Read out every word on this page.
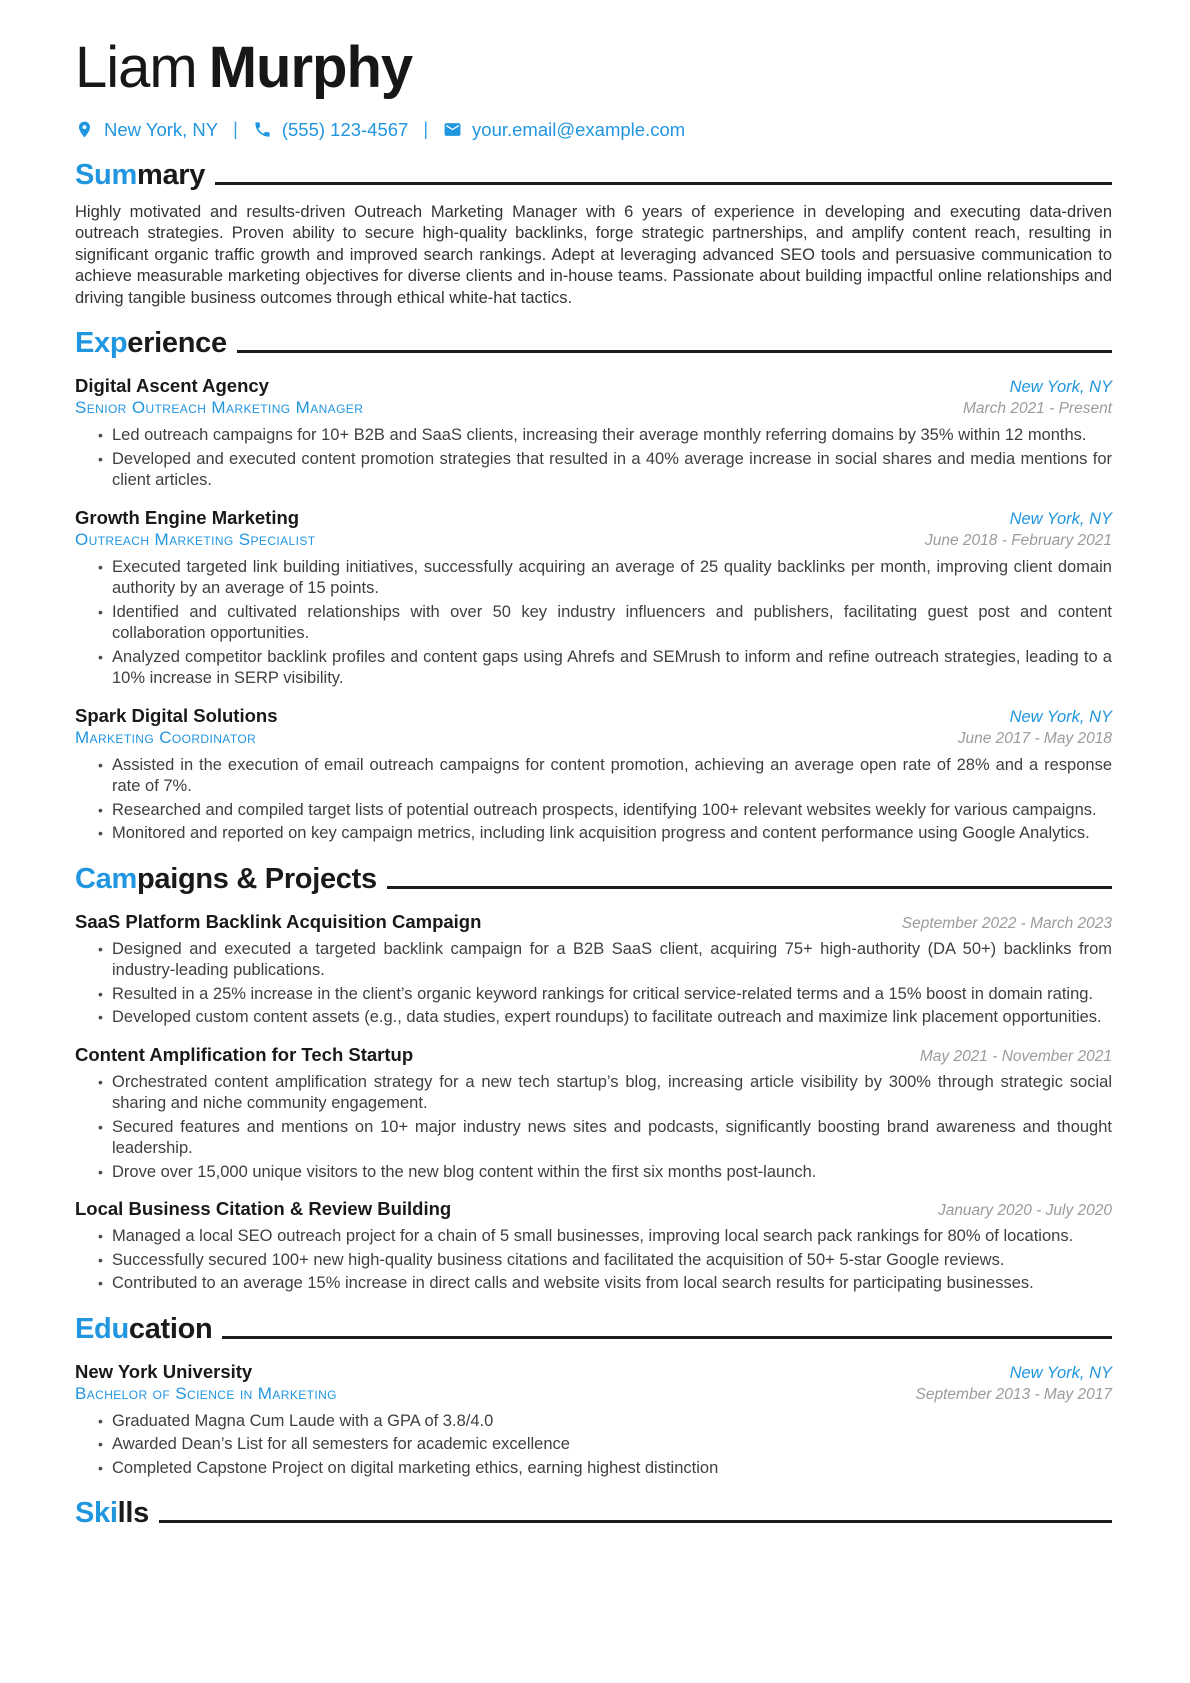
Liam Murphy
New York, NY | (555) 123-4567 | your.email@example.com
Sum mary

Highly motivated and results-driven Outreach Marketing Manager with 6 years of experience in developing and executing data-driven outreach strategies. Proven ability to secure high-quality backlinks, forge strategic partnerships, and amplify content reach, resulting in significant organic traffic growth and improved search rankings. Adept at leveraging advanced SEO tools and persuasive communication to achieve measurable marketing objectives for diverse clients and in-house teams. Passionate about building impactful online relationships and driving tangible business outcomes through ethical white-hat tactics.

Exp erience
Digital Ascent Agency	New York, NY
Senior Outreach Marketing Manager	March 2021 - Present
• Led outreach campaigns for 10+ B2B and SaaS clients, increasing their average monthly referring domains by 35% within 12 months.
• Developed and executed content promotion strategies that resulted in a 40% average increase in social shares and media mentions for client articles.
Growth Engine Marketing	New York, NY
Outreach Marketing Specialist	June 2018 - February 2021
• Executed targeted link building initiatives, successfully acquiring an average of 25 quality backlinks per month, improving client domain authority by an average of 15 points.
• Identified and cultivated relationships with over 50 key industry influencers and publishers, facilitating guest post and content collaboration opportunities.
• Analyzed competitor backlink profiles and content gaps using Ahrefs and SEMrush to inform and refine outreach strategies, leading to a 10% increase in SERP visibility.
Spark Digital Solutions	New York, NY
Marketing Coordinator	June 2017 - May 2018
• Assisted in the execution of email outreach campaigns for content promotion, achieving an average open rate of 28% and a response rate of 7%.
• Researched and compiled target lists of potential outreach prospects, identifying 100+ relevant websites weekly for various campaigns.
• Monitored and reported on key campaign metrics, including link acquisition progress and content performance using Google Analytics.
Cam paigns & Projects
SaaS Platform Backlink Acquisition Campaign	September 2022 - March 2023
• Designed and executed a targeted backlink campaign for a B2B SaaS client, acquiring 75+ high-authority (DA 50+) backlinks from industry-leading publications.
• Resulted in a 25% increase in the client’s organic keyword rankings for critical service-related terms and a 15% boost in domain rating.
• Developed custom content assets (e.g., data studies, expert roundups) to facilitate outreach and maximize link placement opportunities.
Content Amplification for Tech Startup	May 2021 - November 2021
• Orchestrated content amplification strategy for a new tech startup’s blog, increasing article visibility by 300% through strategic social sharing and niche community engagement.
• Secured features and mentions on 10+ major industry news sites and podcasts, significantly boosting brand awareness and thought leadership.
• Drove over 15,000 unique visitors to the new blog content within the first six months post-launch.
Local Business Citation & Review Building	January 2020 - July 2020
• Managed a local SEO outreach project for a chain of 5 small businesses, improving local search pack rankings for 80% of locations.
• Successfully secured 100+ new high-quality business citations and facilitated the acquisition of 50+ 5-star Google reviews.
• Contributed to an average 15% increase in direct calls and website visits from local search results for participating businesses.
Edu cation
New York University	New York, NY
Bachelor of Science in Marketing	September 2013 - May 2017
• Graduated Magna Cum Laude with a GPA of 3.8/4.0
• Awarded Dean’s List for all semesters for academic excellence
• Completed Capstone Project on digital marketing ethics, earning highest distinction
Ski lls
